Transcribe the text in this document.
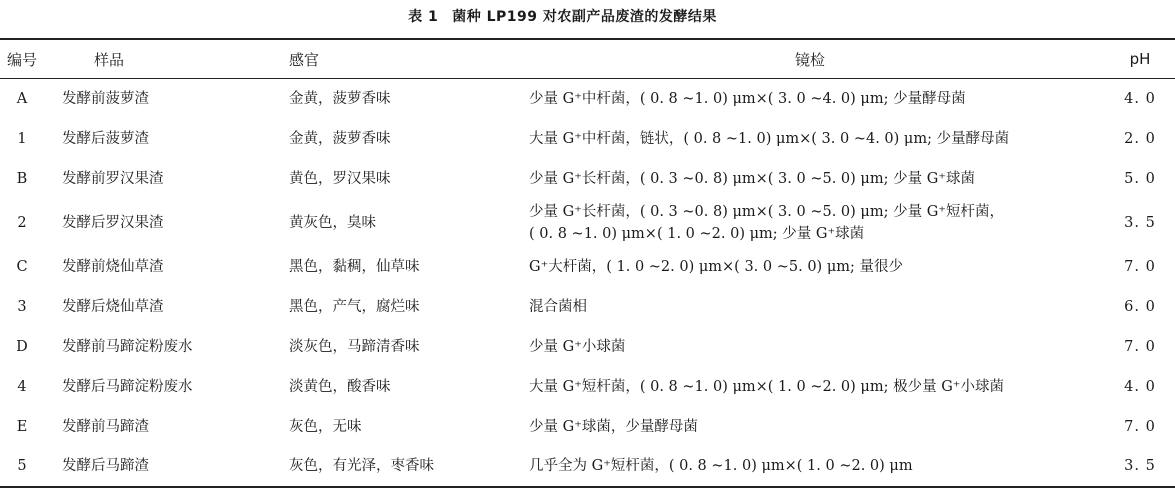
表 1 菌种 LP199 对农副产品废渣的发酵结果
编号	样品	感官	镜检	pH
A	发酵前菠萝渣	金黄，菠萝香味	少量 G⁺中杆菌，( 0. 8 ~1. 0) μm×( 3. 0 ~4. 0) μm; 少量酵母菌	4. 0
1	发酵后菠萝渣	金黄，菠萝香味	大量 G⁺中杆菌，链状，( 0. 8 ~1. 0) μm×( 3. 0 ~4. 0) μm; 少量酵母菌	2. 0
B	发酵前罗汉果渣	黄色，罗汉果味	少量 G⁺长杆菌，( 0. 3 ~0. 8) μm×( 3. 0 ~5. 0) μm; 少量 G⁺球菌	5. 0
2	发酵后罗汉果渣	黄灰色，臭味	少量 G⁺长杆菌，( 0. 3 ~0. 8) μm×( 3. 0 ~5. 0) μm; 少量 G⁺短杆菌，
( 0. 8 ~1. 0) μm×( 1. 0 ~2. 0) μm; 少量 G⁺球菌	3. 5
C	发酵前烧仙草渣	黑色，黏稠，仙草味	G⁺大杆菌，( 1. 0 ~2. 0) μm×( 3. 0 ~5. 0) μm; 量很少	7. 0
3	发酵后烧仙草渣	黑色，产气，腐烂味	混合菌相	6. 0
D	发酵前马蹄淀粉废水	淡灰色，马蹄清香味	少量 G⁺小球菌	7. 0
4	发酵后马蹄淀粉废水	淡黄色，酸香味	大量 G⁺短杆菌，( 0. 8 ~1. 0) μm×( 1. 0 ~2. 0) μm; 极少量 G⁺小球菌	4. 0
E	发酵前马蹄渣	灰色，无味	少量 G⁺球菌，少量酵母菌	7. 0
5	发酵后马蹄渣	灰色，有光泽，枣香味	几乎全为 G⁺短杆菌，( 0. 8 ~1. 0) μm×( 1. 0 ~2. 0) μm	3. 5
